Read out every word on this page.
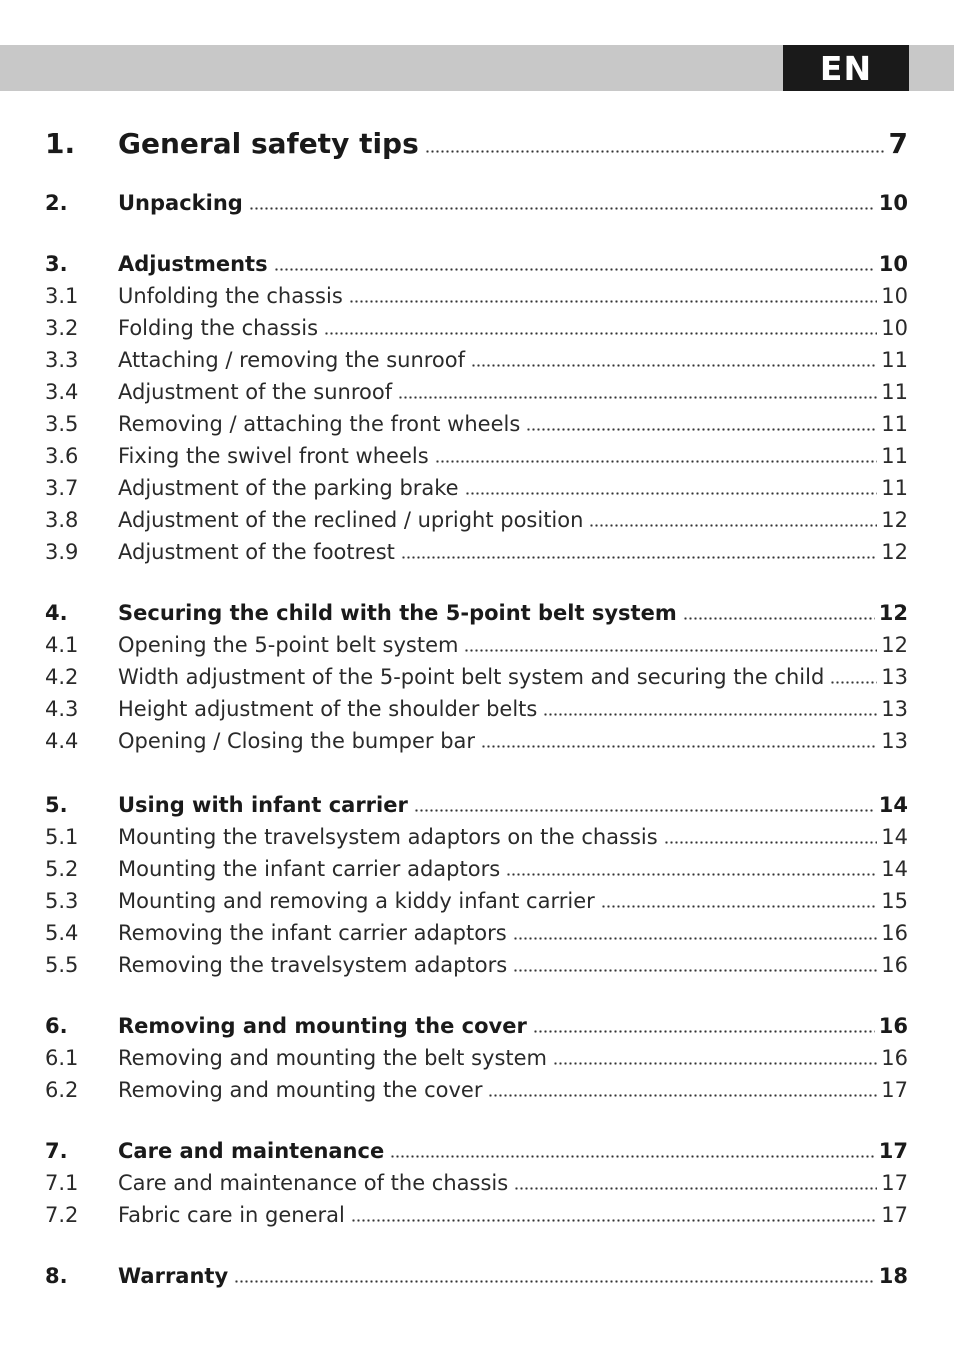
EN
1.	General safety tips	7
2.	Unpacking	10
3.	Adjustments	10
3.1	Unfolding the chassis	10
3.2	Folding the chassis	10
3.3	Attaching / removing the sunroof	11
3.4	Adjustment of the sunroof	11
3.5	Removing / attaching the front wheels	11
3.6	Fixing the swivel front wheels	11
3.7	Adjustment of the parking brake	11
3.8	Adjustment of the reclined / upright position	12
3.9	Adjustment of the footrest	12
4.	Securing the child with the 5-point belt system	12
4.1	Opening the 5-point belt system	12
4.2	Width adjustment of the 5-point belt system and securing the child	13
4.3	Height adjustment of the shoulder belts	13
4.4	Opening / Closing the bumper bar	13
5.	Using with infant carrier	14
5.1	Mounting the travelsystem adaptors on the chassis	14
5.2	Mounting the infant carrier adaptors	14
5.3	Mounting and removing a kiddy infant carrier	15
5.4	Removing the infant carrier adaptors	16
5.5	Removing the travelsystem adaptors	16
6.	Removing and mounting the cover	16
6.1	Removing and mounting the belt system	16
6.2	Removing and mounting the cover	17
7.	Care and maintenance	17
7.1	Care and maintenance of the chassis	17
7.2	Fabric care in general	17
8.	Warranty	18
